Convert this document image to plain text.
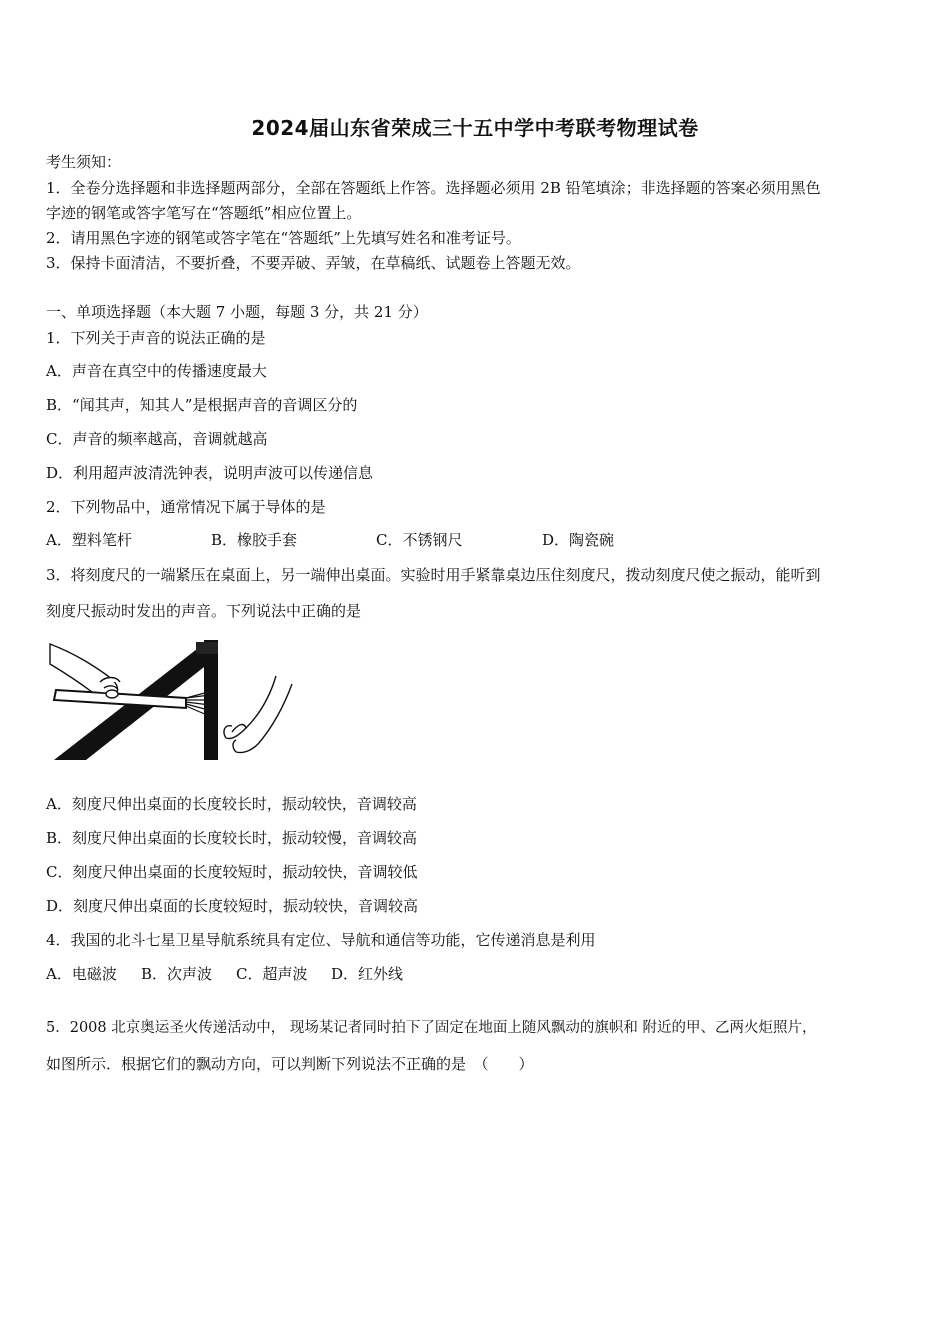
2024届山东省荣成三十五中学中考联考物理试卷
考生须知：
1．全卷分选择题和非选择题两部分，全部在答题纸上作答。选择题必须用 2B 铅笔填涂；非选择题的答案必须用黑色
字迹的钢笔或答字笔写在“答题纸”相应位置上。
2．请用黑色字迹的钢笔或答字笔在“答题纸”上先填写姓名和准考证号。
3．保持卡面清洁，不要折叠，不要弄破、弄皱，在草稿纸、试题卷上答题无效。
一、单项选择题（本大题 7 小题，每题 3 分，共 21 分）
1．下列关于声音的说法正确的是
A．声音在真空中的传播速度最大
B．“闻其声，知其人”是根据声音的音调区分的
C．声音的频率越高，音调就越高
D．利用超声波清洗钟表，说明声波可以传递信息
2．下列物品中，通常情况下属于导体的是
A．塑料笔杆	B．橡胶手套	C．不锈钢尺	D．陶瓷碗
3．将刻度尺的一端紧压在桌面上，另一端伸出桌面。实验时用手紧靠桌边压住刻度尺，拨动刻度尺使之振动，能听到
刻度尺振动时发出的声音。下列说法中正确的是
A．刻度尺伸出桌面的长度较长时，振动较快，音调较高
B．刻度尺伸出桌面的长度较长时，振动较慢，音调较高
C．刻度尺伸出桌面的长度较短时，振动较快，音调较低
D．刻度尺伸出桌面的长度较短时，振动较快，音调较高
4．我国的北斗七星卫星导航系统具有定位、导航和通信等功能，它传递消息是利用
A．电磁波	B．次声波	C．超声波	D．红外线
5．2008 北京奥运圣火传递活动中， 现场某记者同时拍下了固定在地面上随风飘动的旗帜和 附近的甲、乙两火炬照片，
如图所示．根据它们的飘动方向，可以判断下列说法不正确的是　（　　）
